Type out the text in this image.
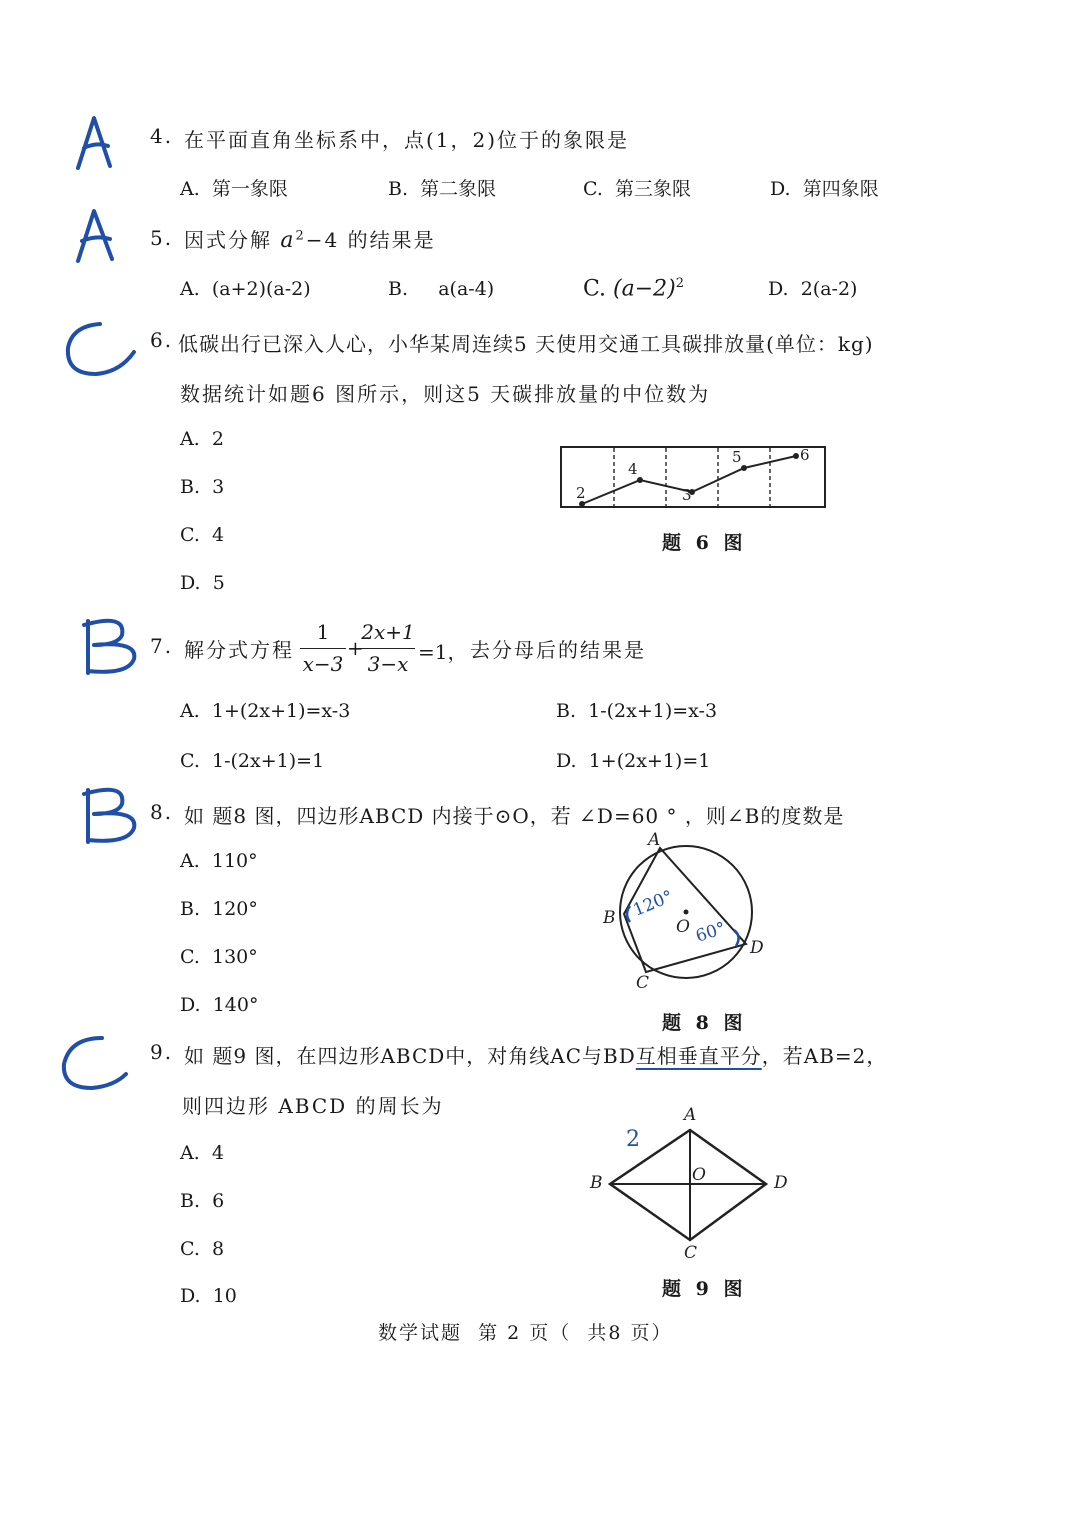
4. 在平面直角坐标系中，点(1，2)位于的象限是
A. 第一象限	B. 第二象限	C. 第三象限	D. 第四象限
5. 因式分解 $a^2-4$ 的结果是
A. (a+2)(a-2)	B. a(a-4)	C. $(a-2)^2$	D. 2(a-2)
6. 低碳出行已深入人心，小华某周连续5 天使用交通工具碳排放量(单位：kg)
数据统计如题6 图所示，则这5 天碳排放量的中位数为
A. 2
B. 3
C. 4
D. 5
2
4
3
5	6
题 6 图
7. 解分式方程
1
x−3
+
2x+1
3−x =1， 去分母后的结果是
A. 1+(2x+1)=x-3	B. 1-(2x+1)=x-3
C. 1-(2x+1)=1	D. 1+(2x+1)=1
8. 如 题8 图，四边形ABCD 内接于⊙O，若 ∠D=60 ° ，则∠B的度数是
A. 110°
B. 120°
C. 130°
D. 140°
A
B
C
D
O
120°
60°
题 8 图
9. 如 题9 图，在四边形ABCD中，对角线AC与BD互相垂直平分，若AB=2，
则四边形 ABCD 的周长为
A. 4
B. 6
C. 8
D. 10
A
B
C
D
O
2
题 9 图
数学试题  第 2 页（  共8 页）
